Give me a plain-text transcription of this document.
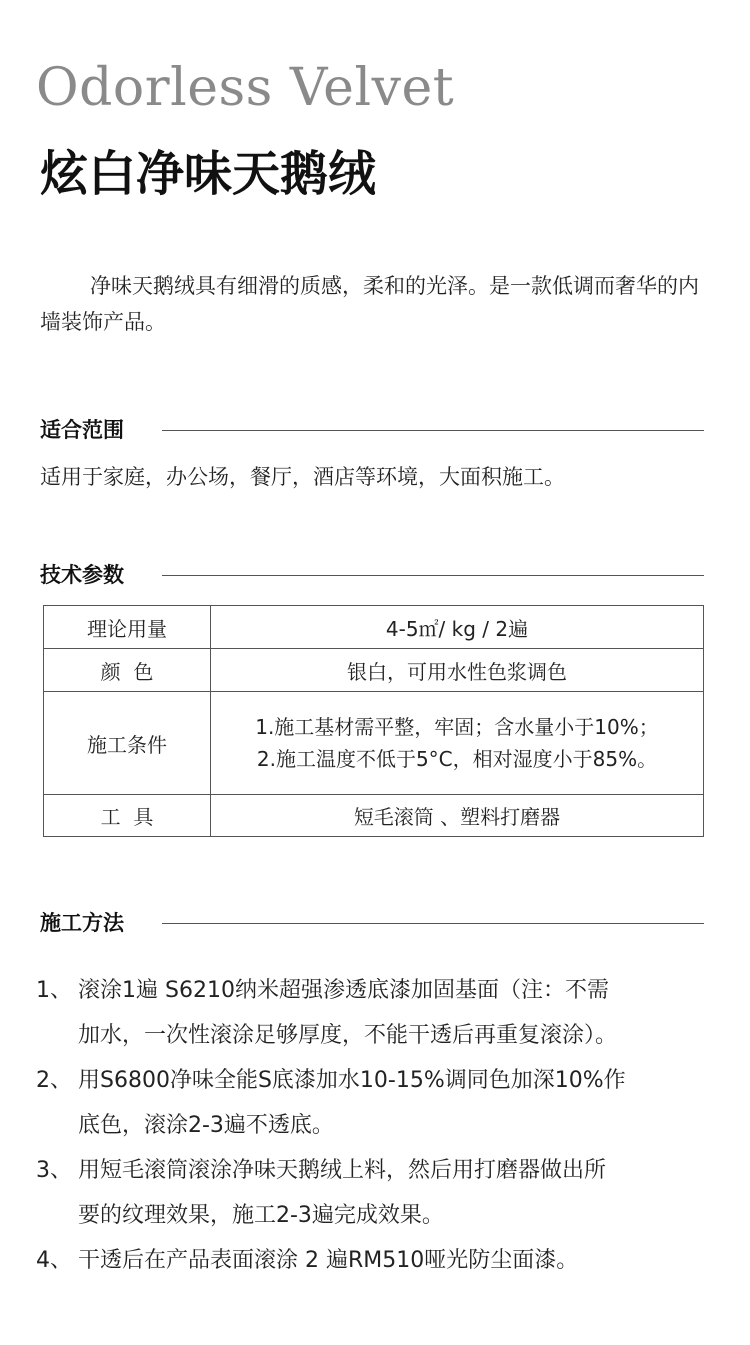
Odorless Velvet
炫白净味天鹅绒

净味天鹅绒具有细滑的质感，柔和的光泽。是一款低调而奢华的内墙装饰产品。

适合范围
适用于家庭，办公场，餐厅，酒店等环境，大面积施工。
技术参数
理论用量	4-5㎡/ kg / 2遍
颜  色	银白，可用水性色浆调色
施工条件	1.施工基材需平整，牢固；含水量小于10%；
2.施工温度不低于5°C，相对湿度小于85%。

工  具	短毛滚筒 、塑料打磨器
施工方法
1、 滚涂1遍 S6210纳米超强渗透底漆加固基面（注：不需
加水，一次性滚涂足够厚度，不能干透后再重复滚涂）。
2、 用S6800净味全能S底漆加水10-15%调同色加深10%作
底色，滚涂2-3遍不透底。
3、 用短毛滚筒滚涂净味天鹅绒上料，然后用打磨器做出所
要的纹理效果，施工2-3遍完成效果。
4、 干透后在产品表面滚涂 2 遍RM510哑光防尘面漆。
